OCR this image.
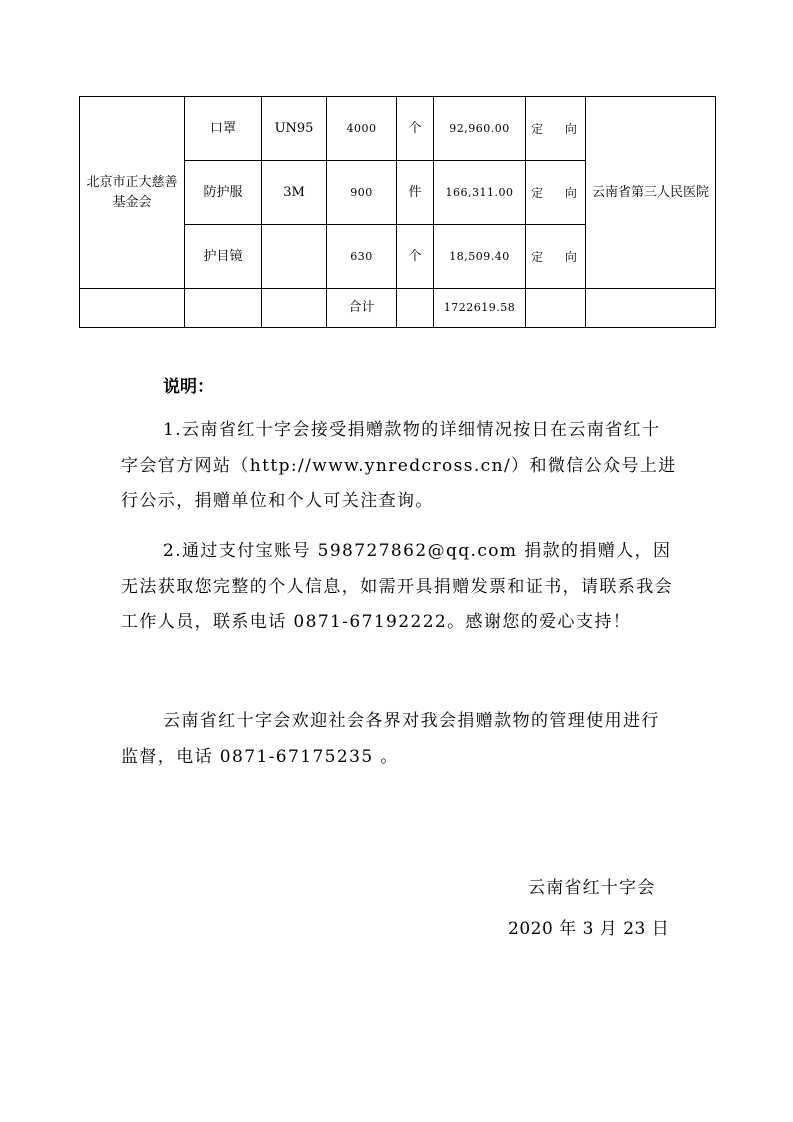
北京市正大慈善基金会	口罩	UN95	4000	个	92,960.00	定 向	云南省第三人民医院
	防护服	3M	900	件	166,311.00	定 向	
	护目镜		630	个	18,509.40	定 向	
			合计		1722619.58		
说明：
1.云南省红十字会接受捐赠款物的详细情况按日在云南省红十字会官方网站（http://www.ynredcross.cn/）和微信公众号上进行公示，捐赠单位和个人可关注查询。
2.通过支付宝账号 598727862@qq.com 捐款的捐赠人，因无法获取您完整的个人信息，如需开具捐赠发票和证书，请联系我会工作人员，联系电话 0871-67192222。感谢您的爱心支持！
云南省红十字会欢迎社会各界对我会捐赠款物的管理使用进行监督，电话 0871-67175235 。
云南省红十字会
2020 年 3 月 23 日
